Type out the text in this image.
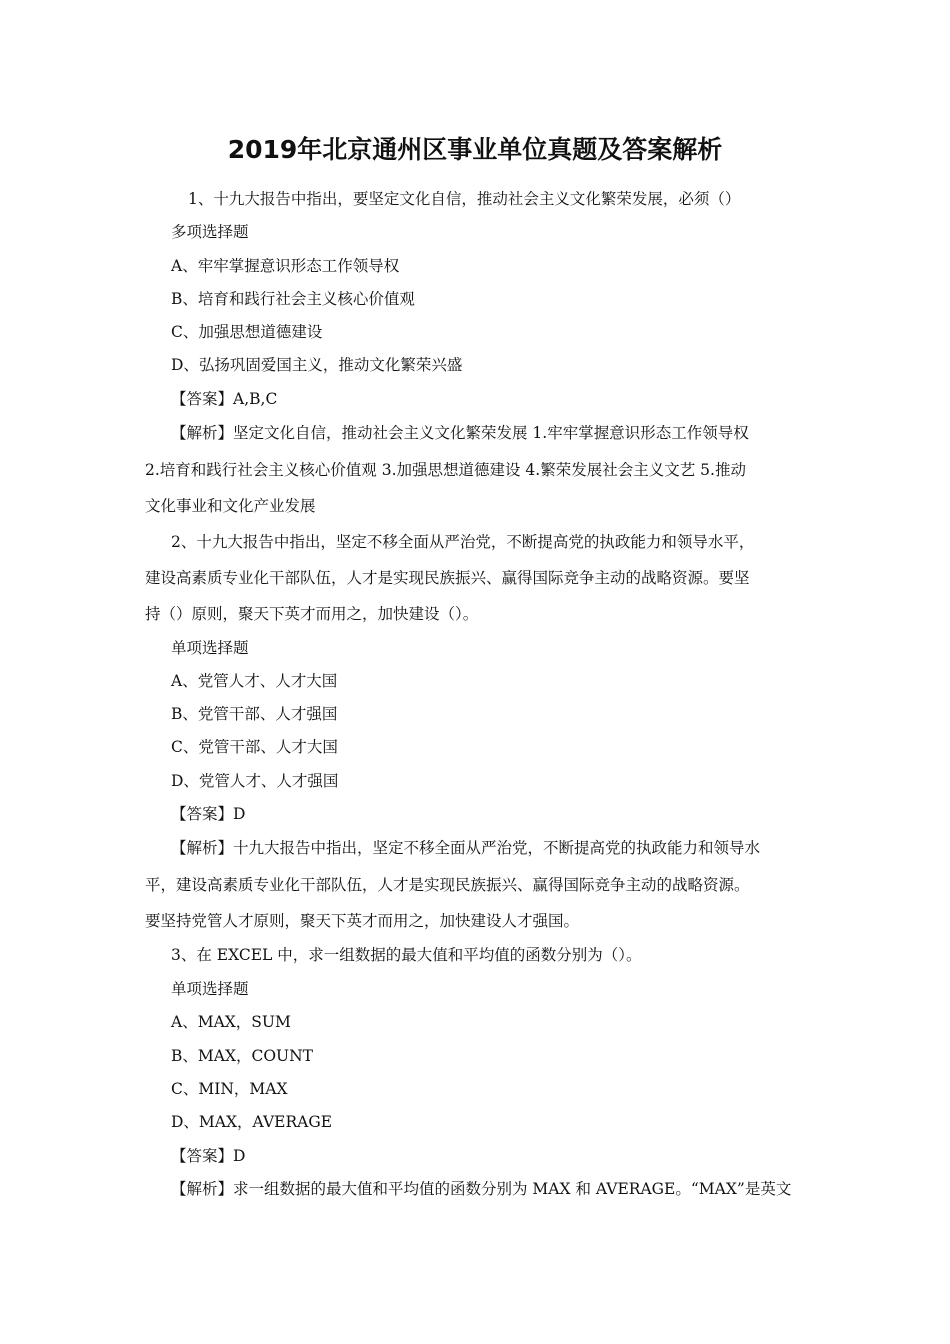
2019年北京通州区事业单位真题及答案解析
1、十九大报告中指出，要坚定文化自信，推动社会主义文化繁荣发展，必须（）
多项选择题
A、牢牢掌握意识形态工作领导权
B、培育和践行社会主义核心价值观
C、加强思想道德建设
D、弘扬巩固爱国主义，推动文化繁荣兴盛
【答案】A,B,C
【解析】坚定文化自信，推动社会主义文化繁荣发展 1.牢牢掌握意识形态工作领导权
2.培育和践行社会主义核心价值观 3.加强思想道德建设 4.繁荣发展社会主义文艺 5.推动
文化事业和文化产业发展
2、十九大报告中指出，坚定不移全面从严治党，不断提高党的执政能力和领导水平，
建设高素质专业化干部队伍，人才是实现民族振兴、赢得国际竞争主动的战略资源。要坚
持（）原则，聚天下英才而用之，加快建设（）。
单项选择题
A、党管人才、人才大国
B、党管干部、人才强国
C、党管干部、人才大国
D、党管人才、人才强国
【答案】D
【解析】十九大报告中指出，坚定不移全面从严治党，不断提高党的执政能力和领导水
平，建设高素质专业化干部队伍，人才是实现民族振兴、赢得国际竞争主动的战略资源。
要坚持党管人才原则，聚天下英才而用之，加快建设人才强国。
3、在 EXCEL 中，求一组数据的最大值和平均值的函数分别为（）。
单项选择题
A、MAX，SUM
B、MAX，COUNT
C、MIN，MAX
D、MAX，AVERAGE
【答案】D
【解析】求一组数据的最大值和平均值的函数分别为 MAX 和 AVERAGE。“MAX”是英文
